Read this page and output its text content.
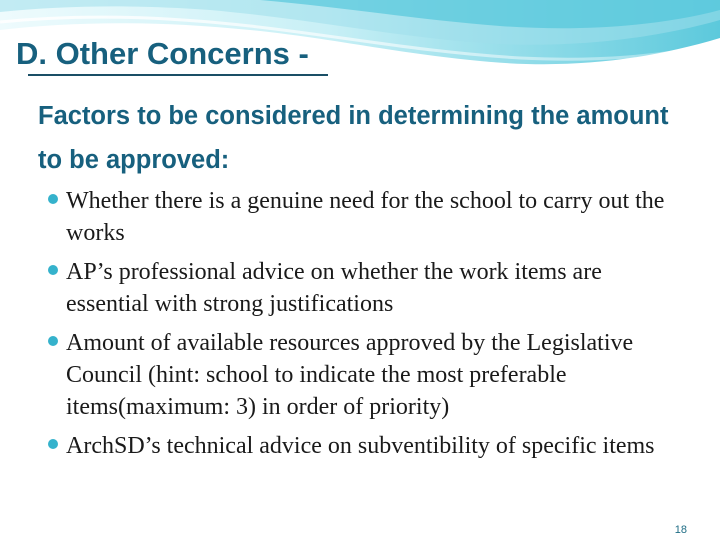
D. Other Concerns -
Factors to be considered in determining the amount to be approved:
Whether there is a genuine need for the school to carry out the works
AP’s professional advice on whether the work items are essential with strong justifications
Amount of available resources approved by the Legislative Council (hint: school to indicate the most preferable items(maximum: 3) in order of priority)
ArchSD’s technical advice on subventibility of specific items
18
